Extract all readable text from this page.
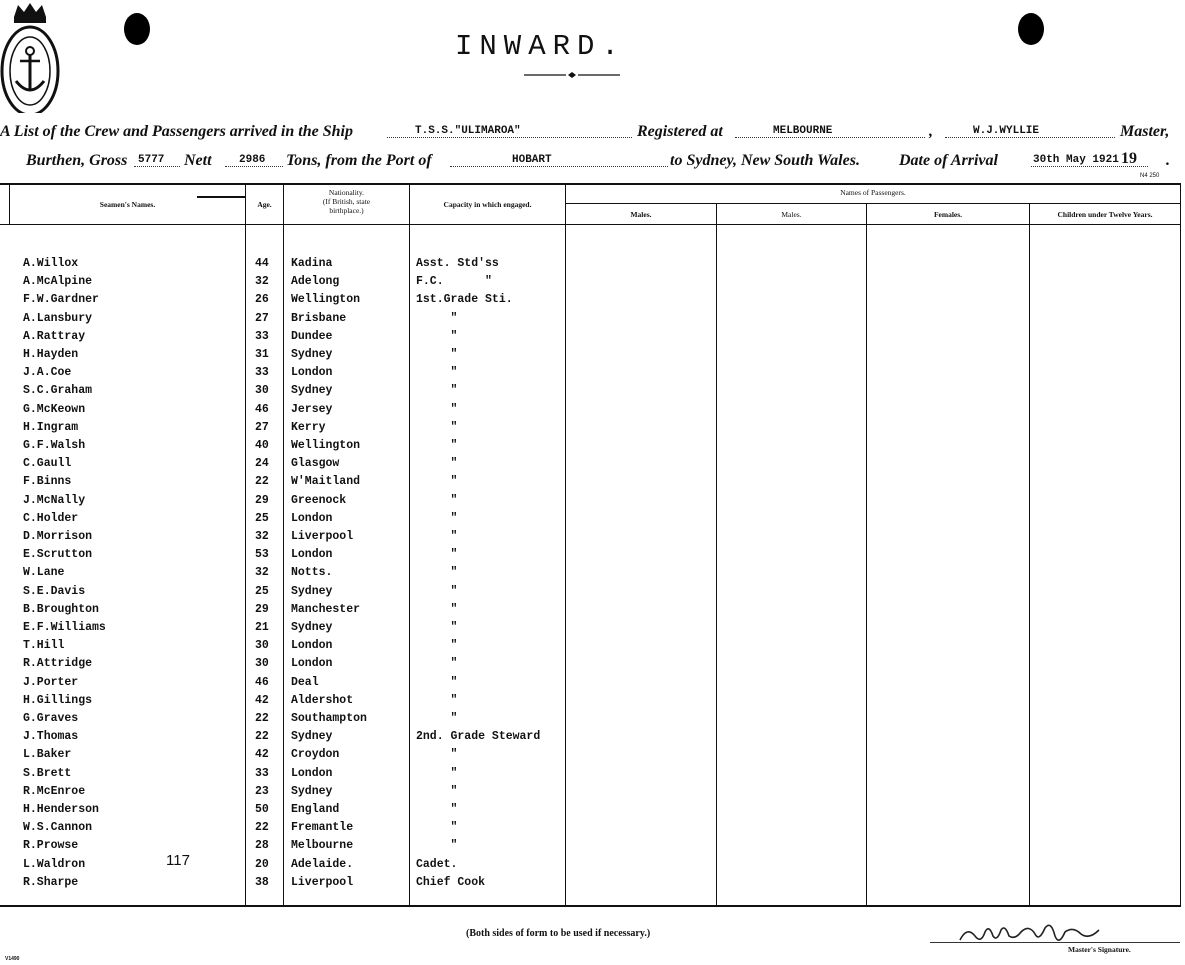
INWARD.
A List of the Crew and Passengers arrived in the Ship	T.S.S."ULIMAROA"	Registered at	MELBOURNE	,	W.J.WYLLIE	Master,
Burthen, Gross 5777 Nett 2986 Tons, from the Port of	HOBART	to Sydney, New South Wales. Date of Arrival	30th May 1921 19 .
N4 250
Seamen's Names.	Age.
Nationality.
(If British, state
birthplace.)
Capacity in which engaged.
Names of Passengers.
Males.	Males.	Females.	Children under Twelve Years.
A.Willox	44 Kadina	Asst. Std'ss
A.McAlpine	32 Adelong	F.C.      "
F.W.Gardner	26 Wellington	1st.Grade Sti.
A.Lansbury	27 Brisbane	"
A.Rattray	33 Dundee	"
H.Hayden	31 Sydney	"
J.A.Coe	33 London	"
S.C.Graham	30 Sydney	"
G.McKeown	46 Jersey	"
H.Ingram	27 Kerry	"
G.F.Walsh	40 Wellington	"
C.Gaull	24 Glasgow	"
F.Binns	22 W'Maitland	"
J.McNally	29 Greenock	"
C.Holder	25 London	"
D.Morrison	32 Liverpool	"
E.Scrutton	53 London	"
W.Lane	32 Notts.	"
S.E.Davis	25 Sydney	"
B.Broughton	29 Manchester	"
E.F.Williams	21 Sydney	"
T.Hill	30 London	"
R.Attridge	30 London	"
J.Porter	46 Deal	"
H.Gillings	42 Aldershot	"
G.Graves	22 Southampton	"
J.Thomas	22 Sydney	2nd. Grade Steward
L.Baker	42 Croydon	"
S.Brett	33 London	"
R.McEnroe	23 Sydney	"
H.Henderson	50 England	"
W.S.Cannon	22 Fremantle	"
R.Prowse	28 Melbourne	"
L.Waldron	20 Adelaide.	Cadet.
R.Sharpe	38 Liverpool	Chief Cook
117
(Both sides of form to be used if necessary.)
Master's Signature.
V1490
